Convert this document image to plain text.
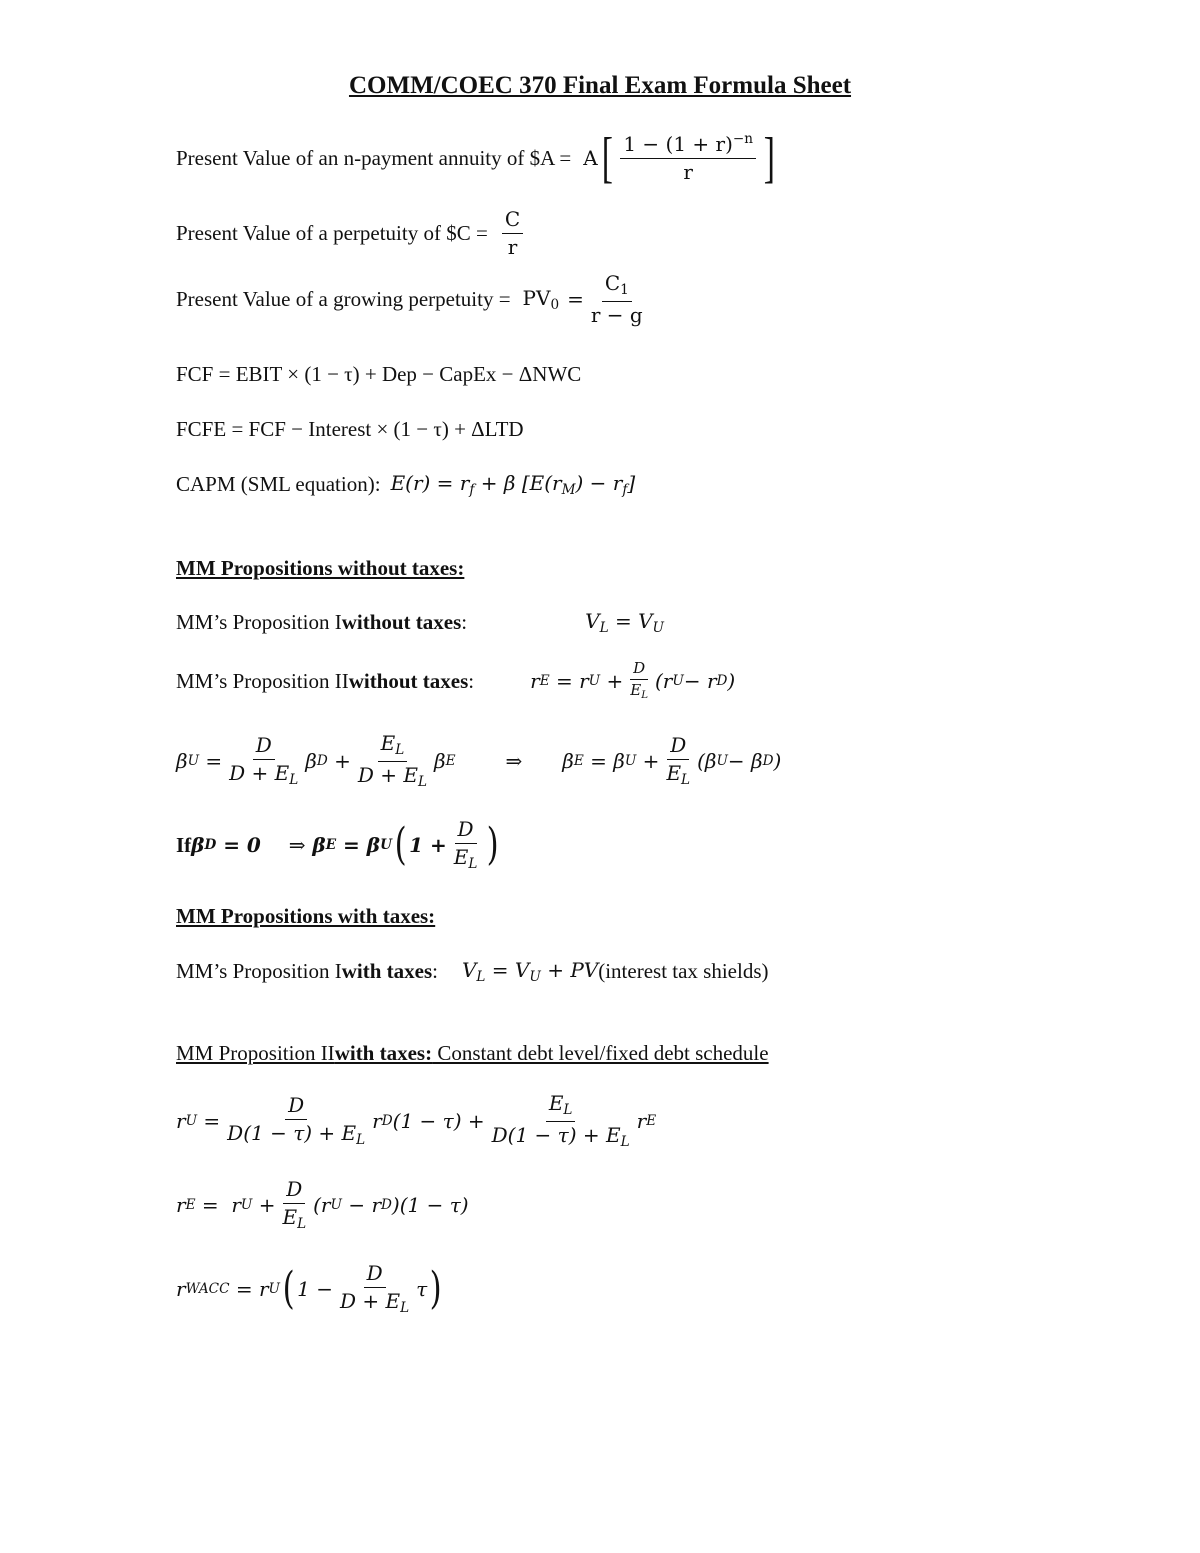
COMM/COEC 370 Final Exam Formula Sheet
Present Value of an n-payment annuity of $A = A [ $\frac{1 - (1 + r)^{-n}}{r}$ ]
Present Value of a perpetuity of $C = $\frac{C}{r}$
Present Value of a growing perpetuity = $PV_0 = \frac{C_1}{r - g}$
FCF = EBIT × (1 − τ) + Dep − CapEx − ΔNWC
FCFE = FCF − Interest × (1 − τ) + ΔLTD
CAPM (SML equation): $E(r) = r_f + \beta$ $[E(r_M) - r_f]$
MM Propositions without taxes:
MM’s Proposition I without taxes :	$V_L = V_U$
MM’s Proposition II without taxes :	r E = r $U + \frac{D}{E_L} (r$ U − r D )
β $U = \frac{D}{D + E_L}$ β $D + \frac{E_L}{D + E_L}$ β E	⇒ β E = β $U + \frac{D}{E_L} (\beta$ U − β D )
If β D = 0 ⇒ β E = β U ( $1 + \frac{D}{E_L}$ )
MM Propositions with taxes:
MM’s Proposition I with taxes : $V_L = V_U$ + PV (interest tax shields)
MM Proposition II with taxes: Constant debt level/fixed debt schedule
r $U = \frac{D}{D(1 - \tau) + E_L}$ r D $(1 - \tau) + \frac{E_L}{D(1 - \tau) + E_L}$ r E
r E =  r $U + \frac{D}{E_L} (r$ U − r D )(1 − τ)
r WACC = r U ( $1 - \frac{D}{D + E_L}$ τ )
